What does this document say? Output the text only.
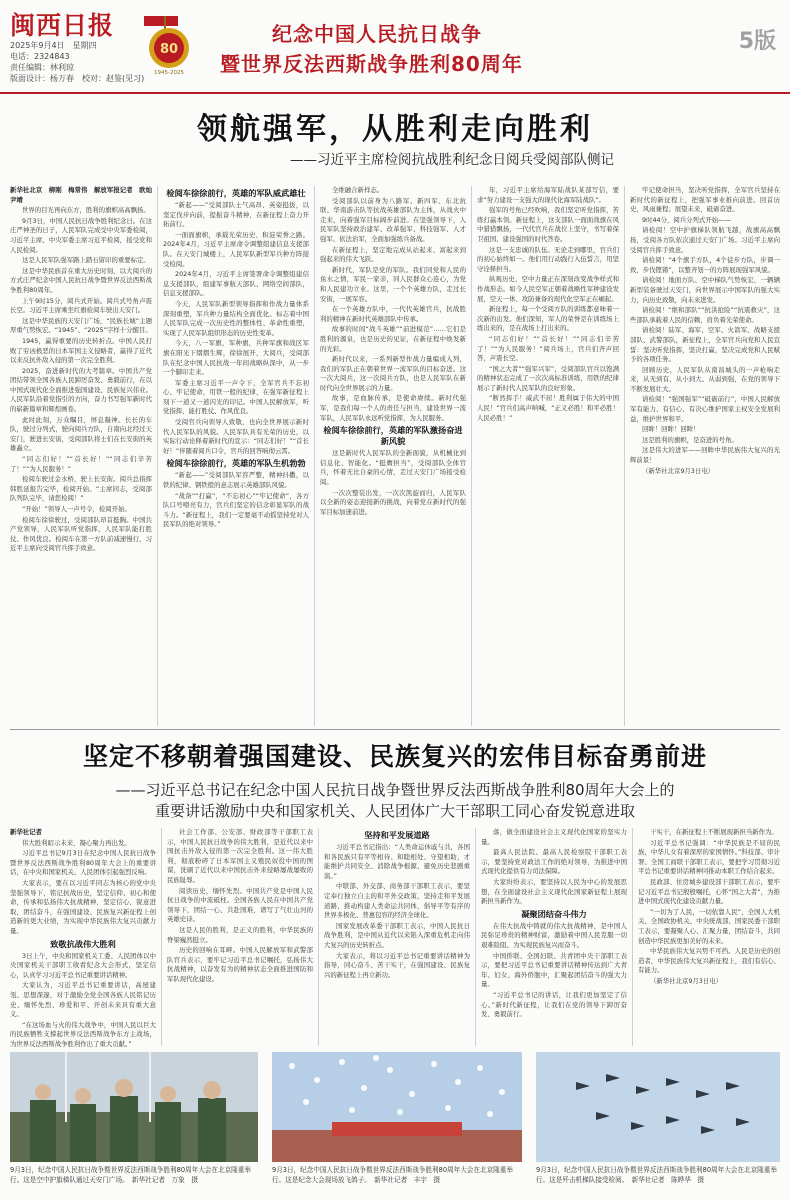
闽西日报
2025年9月4日　星期四
电话：2324843
责任编辑：林利琼
版面设计：杨万春　校对：赵鉴(见习)
80
1945-2025
纪念中国人民抗日战争
暨世界反法西斯战争胜利80周年
5版
领航强军，从胜利走向胜利
——习近平主席检阅抗战胜利纪念日阅兵受阅部队侧记

新华社北京　柳刚　梅常伟　解放军报记者　欧灿　尹靖

世界的目光再向东方，胜利的旗帜高高飘扬。

9月3日，中国人民抗日战争胜利纪念日。在这庄严神圣的日子，人民军队完成受中央军委检阅，习近平主席、中央军委主席习近平检阅，接受党和人民检阅。

这是人民军队强军路上踏石留印的重要标定。

这是中华民族首在重大历史时刻，以大阅兵的方式庄严纪念中国人民抗日战争暨世界反法西斯战争胜利80周年。

上午9时15分，阅兵式开始。阅兵式号角声震长空。习近平主席乘坐红旗检阅车驶出天安门。

这是中华民族的天安门广场，“民族长城”主题厚重气势恢宏。“1945”、“2025”字样十分醒目。

1945，赢得重要的历史转折点。中国人民打败了穷凶极恶的日本军国主义侵略者，赢得了近代以来反抗外敌入侵的第一次完全胜利。

2025，奋进新时代的大考篇章。中国共产党团结带领全国各族人民踔厉奋发、勇毅前行，在以中国式现代化全面推进强国建设、民族复兴伟业。人民军队沿着党指引的方向，奋力书写强军新时代的崭新篇章和辉煌画卷。

此时此刻，万众瞩目，屏息凝神。长长的车队，驶过分列式，驶向阅兵方队，自南向北经过天安门，驶进长安街，受阅部队将士们在长安街的英雄矗立。

“同志们好！”“首长好！”“同志们辛苦了！”“为人民服务！”

检阅车驶过金水桥，驶上长安街。阅兵总指挥韩胜延报告完毕，检阅开始。“主席同志，受阅部队列队完毕，请您检阅！”

“开始！”领导人一声号令，检阅开始。

检阅车徐徐驶过，受阅部队昂首挺胸。中国共产党领导，人民军队听党指挥，人民军队能打胜仗、作风优良。检阅车在第一方队前减速慢行，习近平主席向受阅官兵挥手致意。

检阅车徐徐前行，英雄的军队威武雄壮

“新起——”受阅部队士气高昂、英姿挺拔，以坚定伐步向前，提振奋斗精神，在新征程上奋力开拓前行。

一面面旗帜，承载光荣历史、积淀荣誉之路。2024年4月，习近平主席命令调整组建信息支援部队。在天安门城楼上，人民军队新型军兵种方阵接受检阅。

2024年4月，习近平主席签署命令调整组建信息支援部队，组建军事航天部队、网络空间部队，信息支援部队。

今天，人民军队新型领导指挥和作战力量体系深刻重塑，军兵种力量结构全面优化。标志着中国人民军队完成一次历史性的整体性、革命性重塑，实现了人民军队组织形态的历史性变革。

今天，八一军旗，军种旗，兵种军旗和战区军旗在阳光下熠熠生辉，徐徐展开，大阅兵，受阅部队在纪念中国人民抗战一年间战略纵深中，从一步一个脚印走来。

军委主席习近平一声令下，全军官兵不忘初心、牢记使命，用铁一般的纪律，在强军新征程上刻下一道又一道闪光的印记。中国人民解放军，听党指挥、能打胜仗、作风优良。

受阅官兵向领导人致敬，也向全世界展示新时代人民军队的风貌。人民军队具有光荣的历史，以实际行动诠释着新时代的宣示：“同志们好！”“首长好！”伴随着阅兵口令，官兵的回答响彻云霄。

检阅车徐徐前行，英雄的军队生机勃勃

“新起——”受阅部队军容严整，精神抖擞，以铁的纪律、钢铁般的意志展示英雄部队风貌。

“战备”“打赢”，“不忘初心”“牢记使命”，各方队口号嘹亮有力，官兵们坚定的信念彰显军队的战斗力。“新征程上，我们一定要毫不动摇坚持党对人民军队的绝对领导。”

全维融合新样态。

受阅部队以前身为八路军、新四军、东北抗联、华南游击队等抗战英雄部队为主体，从战火中走来，向着强军目标阔步前进。在坚强领导下，人民军队坚持政治建军、改革强军、科技强军、人才强军、依法治军，全面加强练兵备战。

在新征程上，坚定地完成从站起来、富起来到强起来的伟大飞跃。

新时代，军队是党的军队。我们同党和人民的鱼水之情，军民一家亲，同人民群众心连心，为党和人民建功立业。这里，一个个英雄方队，走过长安街，一展军容。

在一个英雄方队中，一代代英雄官兵，抗战胜利的精神在新时代英雄部队中传承。

故事的时间“战斗英雄”“前进模范”……它们是胜利的源泉，也是历史的见证，在新征程中焕发新的光彩。

新时代以来，一系列新型作战力量编成入列，我们的军队正在朝着世界一流军队的目标奋进。这一次大阅兵，这一次阅兵方队，也是人民军队在新时代向全世界展示的力量。

故事，是血脉传承，是使命赓续。新时代强军，是我们每一个人的责任与担当，建设世界一流军队，人民军队永远听党指挥，为人民服务。

检阅车徐徐前行，英雄的军队激扬奋进新风貌

这是新时代人民军队的全新面貌，从机械化到信息化、智能化。“挺膺担当”，受阅部队全体官兵，怀着无比自豪的心情，走过天安门广场接受检阅。

一次次整装出发，一次次凯旋而归，人民军队以全新的姿态迎接新的挑战，向着党在新时代的强军目标加速前进。

年，习近平主席给海军陆战队某部写信，要求“努力建设一支强大的现代化海军陆战队”。

强军的号角已经吹响，我们坚定听党指挥，苦练打赢本领。新征程上，这支部队一面面战旗在风中猎猎飘扬，一代代官兵在战位上坚守，书写着保卫祖国、建设强国的时代答卷。

这是一支忠诚的队伍。无论走到哪里，官兵们的初心始终如一。他们用行动践行入伍誓言，用坚守诠释担当。

纵观历史，空中力量正在深刻改变战争样式和作战形态。如今人民空军正朝着战略性军种建设发展，空天一体、攻防兼备的现代化空军正在崛起。

新征程上，每一个受阅方队的训练都意味着一次新的出发。他们深知，军人的荣誉是在训练场上练出来的，是在战场上打出来的。

“同志们好！”“首长好！”“同志们辛苦了！”“为人民服务！”阅兵场上，官兵们齐声回答，声震长空。

“国之大者”“强军兴军”，受阅部队官兵以饱满的精神状态完成了一次次高标准训练，用铁的纪律展示了新时代人民军队的良好形象。

“断然挥手！威武不屈！胜利属于伟大的中国人民！”官兵们高声呐喊，“正义必胜！和平必胜！人民必胜！”

牢记使命担当，坚决听党指挥，全军官兵坚持在新时代的新征程上，把强军事业推向前进。回首历史，风雨兼程；展望未来，砥砺奋进。

9时44分，阅兵分列式开始——

请检阅！空中护旗梯队领航飞越，战旗高高飘扬，受阅各方队依次通过天安门广场。习近平主席向受阅官兵挥手致意。

请检阅！“4个旗手方队，4个徒步方队，步调一致，步伐铿锵”，以整齐划一的方阵展现强军风貌。

请检阅！地面方队、空中梯队气势恢宏，一辆辆新型装备驶过天安门，向世界展示中国军队的强大实力，向历史致敬，向未来进发。

请检阅！“维和部队”“抗洪抢险”“抗震救灾”，这些部队承载着人民的信赖，肩负着光荣使命。

请检阅！陆军、海军、空军、火箭军、战略支援部队、武警部队，新征程上，全军官兵向党和人民宣誓：坚决听党指挥，坚决打赢，坚决完成党和人民赋予的各项任务。

回顾历史，人民军队从南昌城头的一声枪响走来，从无到有、从小到大、从弱到强，在党的领导下不断发展壮大。

请检阅！“强国强军”“砥砺前行”，中国人民解放军有能力、有信心、有决心维护国家主权安全发展利益，维护世界和平。

回眸！回眸！回眸！

这是胜利的旗帜，是奋进的号角。

这是伟大的进军——回眸中华民族伟大复兴的光辉前景！

（新华社北京9月3日电）

坚定不移朝着强国建设、民族复兴的宏伟目标奋勇前进
——习近平总书记在纪念中国人民抗日战争暨世界反法西斯战争胜利80周年大会上的
重要讲话激励中央和国家机关、人民团体广大干部职工同心奋发锐意进取

新华社记者

伟大胜利昭示未来，凝心聚力再出发。

习近平总书记9月3日在纪念中国人民抗日战争暨世界反法西斯战争胜利80周年大会上的重要讲话，在中央和国家机关、人民团体引起强烈反响。

大家表示，要在以习近平同志为核心的党中央坚强领导下，铭记抗战历史，坚定信仰、初心和使命，传承和弘扬伟大抗战精神，坚定信心，锐意进取，团结奋斗，在强国建设、民族复兴新征程上创造新的更大业绩，为实现中华民族伟大复兴贡献力量。

致敬抗战伟大胜利

3日上午，中央和国家机关工委、人民团体以中央国家机关干部职工收看纪念大会形式，坚定信心，认真学习习近平总书记重要讲话精神。

大家认为，习近平总书记重要讲话，高屋建瓴、思想深邃，对于激励全党全国各族人民铭记历史、缅怀先烈、珍爱和平、开创未来具有重大意义。

“在这场血与火的伟大战争中，中国人民以巨大的民族牺牲支撑起世界反法西斯战争东方主战场，为世界反法西斯战争胜利作出了重大贡献。”

社会工作部、公安部、财政部等干部职工表示，中国人民抗日战争的伟大胜利，是近代以来中国抗击外敌入侵的第一次完全胜利。这一伟大胜利，彻底粉碎了日本军国主义殖民奴役中国的图谋，洗刷了近代以来中国抗击外来侵略屡战屡败的民族耻辱。

阅读历史，缅怀先烈。中国共产党是中国人民抗日战争的中流砥柱。全国各族人民在中国共产党领导下，团结一心、共赴国难，谱写了气壮山河的英雄史诗。

这是人民的胜利，是正义的胜利，中华民族的脊梁巍然挺立。

历史的回响在耳畔。中国人民解放军和武警部队官兵表示，要牢记习近平总书记嘱托，弘扬伟大抗战精神，以奋发有为的精神状态全面推进国防和军队现代化建设。

坚持和平发展道路

习近平总书记指出：“人类命运休戚与共，各国和各民族只有平等相待、和睦相处、守望相助，才能维护共同安全、消除战争根源、避免历史悲剧重演。”

中联部、外交部、商务部干部职工表示，要坚定奉行独立自主的和平外交政策，坚持走和平发展道路，推动构建人类命运共同体，倡导平等有序的世界多极化、普惠包容的经济全球化。

国家发展改革委干部职工表示，中国人民抗日战争胜利，是中国从近代以来陷入深重危机走向伟大复兴的历史转折点。

大家表示，将以习近平总书记重要讲话精神为指导，同心奋斗、苦干实干，在强国建设、民族复兴的新征程上再立新功。

落，做全面建设社会主义现代化国家的坚实力量。

最高人民法院、最高人民检察院干部职工表示，要坚持党对政法工作的绝对领导，为推进中国式现代化提供有力司法保障。

大家纷纷表示，要坚持以人民为中心的发展思想，在全面建设社会主义现代化国家新征程上展现新担当新作为。

凝聚团结奋斗伟力

在伟大抗战中铸就的伟大抗战精神，是中国人民弥足珍贵的精神财富，激励着中国人民克服一切艰难险阻、为实现民族复兴而奋斗。

中国侨联、全国妇联、共青团中央干部职工表示，要把习近平总书记重要讲话精神传达到广大青年、妇女、海外侨胞中，汇聚起团结奋斗的强大力量。

“习近平总书记的讲话，让我们更加坚定了信心。”新时代新征程，让我们在党的领导下踔厉奋发、勇毅前行。

干实干，在新征程上不断展现新担当新作为。

习近平总书记强调：“中华民族是不屈的民族，中华儿女有着深厚的家国情怀。”科技部、审计署、全国工商联干部职工表示，要把学习贯彻习近平总书记重要讲话精神同推动本职工作结合起来。

民政部、住房城乡建设部干部职工表示，要牢记习近平总书记殷殷嘱托，心怀“国之大者”，为推进中国式现代化建设贡献力量。

“一切为了人民，一切依靠人民”，全国人大机关、全国政协机关、中央统战部、国家民委干部职工表示，要凝聚人心、汇聚力量，团结奋斗，共同创造中华民族更加美好的未来。

中华民族伟大复兴势不可挡。人民是历史的创造者，中华民族伟大复兴新征程上，我们有信心、有能力。

（新华社北京9月3日电）

9月3日，纪念中国人民抗日战争暨世界反法西斯战争胜利80周年大会在北京隆重举行。这是空中护旗梯队通过天安门广场。　新华社记者　万象　摄
9月3日，纪念中国人民抗日战争暨世界反法西斯战争胜利80周年大会在北京隆重举行。这是纪念大会现场放飞鸽子。　新华社记者　丰宇　摄
9月3日，纪念中国人民抗日战争暨世界反法西斯战争胜利80周年大会在北京隆重举行。这是歼击机梯队接受检阅。　新华社记者　陈晔华　摄
